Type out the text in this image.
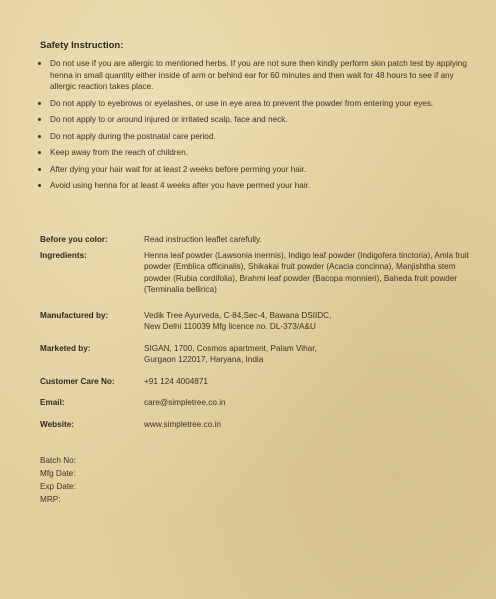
Safety Instruction:
Do not use if you are allergic to mentioned herbs. If you are not sure then kindly perform skin patch test by applying henna in small quantity either inside of arm or behind ear for 60 minutes and then wait for 48 hours to see if any allergic reaction takes place.
Do not apply to eyebrows or eyelashes, or use in eye area to prevent the powder from entering your eyes.
Do not apply to or around injured or irritated scalp, face and neck.
Do not apply during the postnatal care period.
Keep away from the reach of children.
After dying your hair wait for at least 2 weeks before perming your hair.
Avoid using henna for at least 4 weeks after you have permed your hair.
Before you color:	Read instruction leaflet carefully.
Ingredients:	Henna leaf powder (Lawsonia inermis), Indigo leaf powder (Indigofera tinctoria), Amla fruit powder (Emblica officinalis), Shikakai fruit powder (Acacia concinna), Manjishtha stem powder (Rubia cordifolia), Brahmi leaf powder (Bacopa monnieri), Baheda fruit powder (Terminalia bellirica)
Manufactured by:	Vedik Tree Ayurveda, C-84,Sec-4, Bawana DSIIDC,
New Delhi 110039 Mfg licence no. DL-373/A&U
Marketed by:	SIGAN, 1700, Cosmos apartment, Palam Vihar,
Gurgaon 122017, Haryana, India
Customer Care No:	+91 124 4004871
Email:	care@simpletree.co.in
Website:	www.simpletree.co.in
Batch No:
Mfg Date:
Exp Date:
MRP:
